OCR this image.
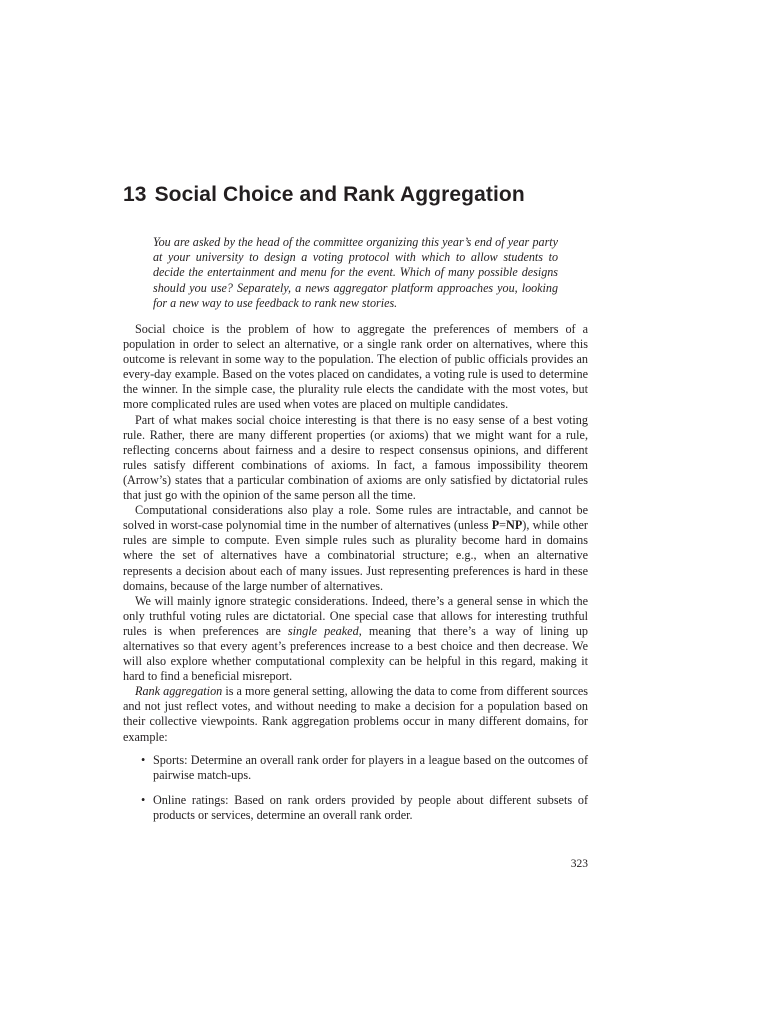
13 Social Choice and Rank Aggregation

You are asked by the head of the committee organizing this year’s end of year party at your university to design a voting protocol with which to allow students to decide the entertainment and menu for the event. Which of many possible designs should you use? Separately, a news aggregator platform approaches you, looking for a new way to use feedback to rank new stories.

Social choice is the problem of how to aggregate the preferences of members of a population in order to select an alternative, or a single rank order on alternatives, where this outcome is relevant in some way to the population. The election of public officials provides an every-day example. Based on the votes placed on candidates, a voting rule is used to determine the winner. In the simple case, the plurality rule elects the candidate with the most votes, but more complicated rules are used when votes are placed on multiple candidates.

Part of what makes social choice interesting is that there is no easy sense of a best voting rule. Rather, there are many different properties (or axioms) that we might want for a rule, reflecting concerns about fairness and a desire to respect consensus opinions, and different rules satisfy different combinations of axioms. In fact, a famous impossibility theorem (Arrow’s) states that a particular combination of axioms are only satisfied by dictatorial rules that just go with the opinion of the same person all the time.

Computational considerations also play a role. Some rules are intractable, and cannot be solved in worst-case polynomial time in the number of alternatives (unless P=NP), while other rules are simple to compute. Even simple rules such as plurality become hard in domains where the set of alternatives have a combinatorial structure; e.g., when an alternative represents a decision about each of many issues. Just representing preferences is hard in these domains, because of the large number of alternatives.

We will mainly ignore strategic considerations. Indeed, there’s a general sense in which the only truthful voting rules are dictatorial. One special case that allows for interesting truthful rules is when preferences are single peaked, meaning that there’s a way of lining up alternatives so that every agent’s preferences increase to a best choice and then decrease. We will also explore whether computational complexity can be helpful in this regard, making it hard to find a beneficial misreport.

Rank aggregation is a more general setting, allowing the data to come from different sources and not just reflect votes, and without needing to make a decision for a population based on their collective viewpoints. Rank aggregation problems occur in many different domains, for example:

• Sports: Determine an overall rank order for players in a league based on the outcomes of pairwise match-ups.
• Online ratings: Based on rank orders provided by people about different subsets of products or services, determine an overall rank order.
323
